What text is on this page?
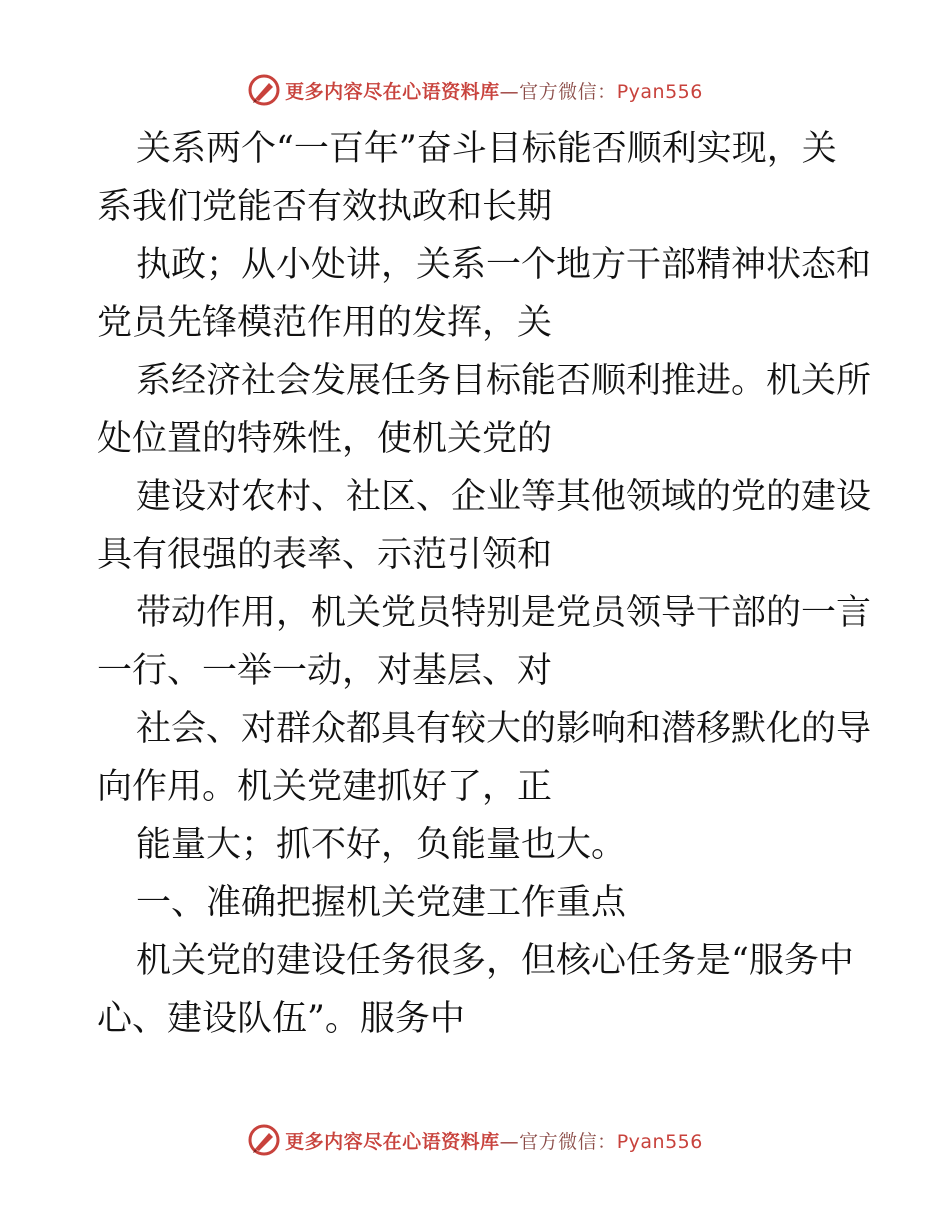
更多内容尽在心语资料库—官方微信：Pyan556

关系两个“一百年”奋斗目标能否顺利实现，关

系我们党能否有效执政和长期

执政；从小处讲，关系一个地方干部精神状态和

党员先锋模范作用的发挥，关

系经济社会发展任务目标能否顺利推进。机关所

处位置的特殊性，使机关党的

建设对农村、社区、企业等其他领域的党的建设

具有很强的表率、示范引领和

带动作用，机关党员特别是党员领导干部的一言

一行、一举一动，对基层、对

社会、对群众都具有较大的影响和潜移默化的导

向作用。机关党建抓好了，正

能量大；抓不好，负能量也大。

一、准确把握机关党建工作重点

机关党的建设任务很多，但核心任务是“服务中

心、建设队伍”。服务中

更多内容尽在心语资料库—官方微信：Pyan556
